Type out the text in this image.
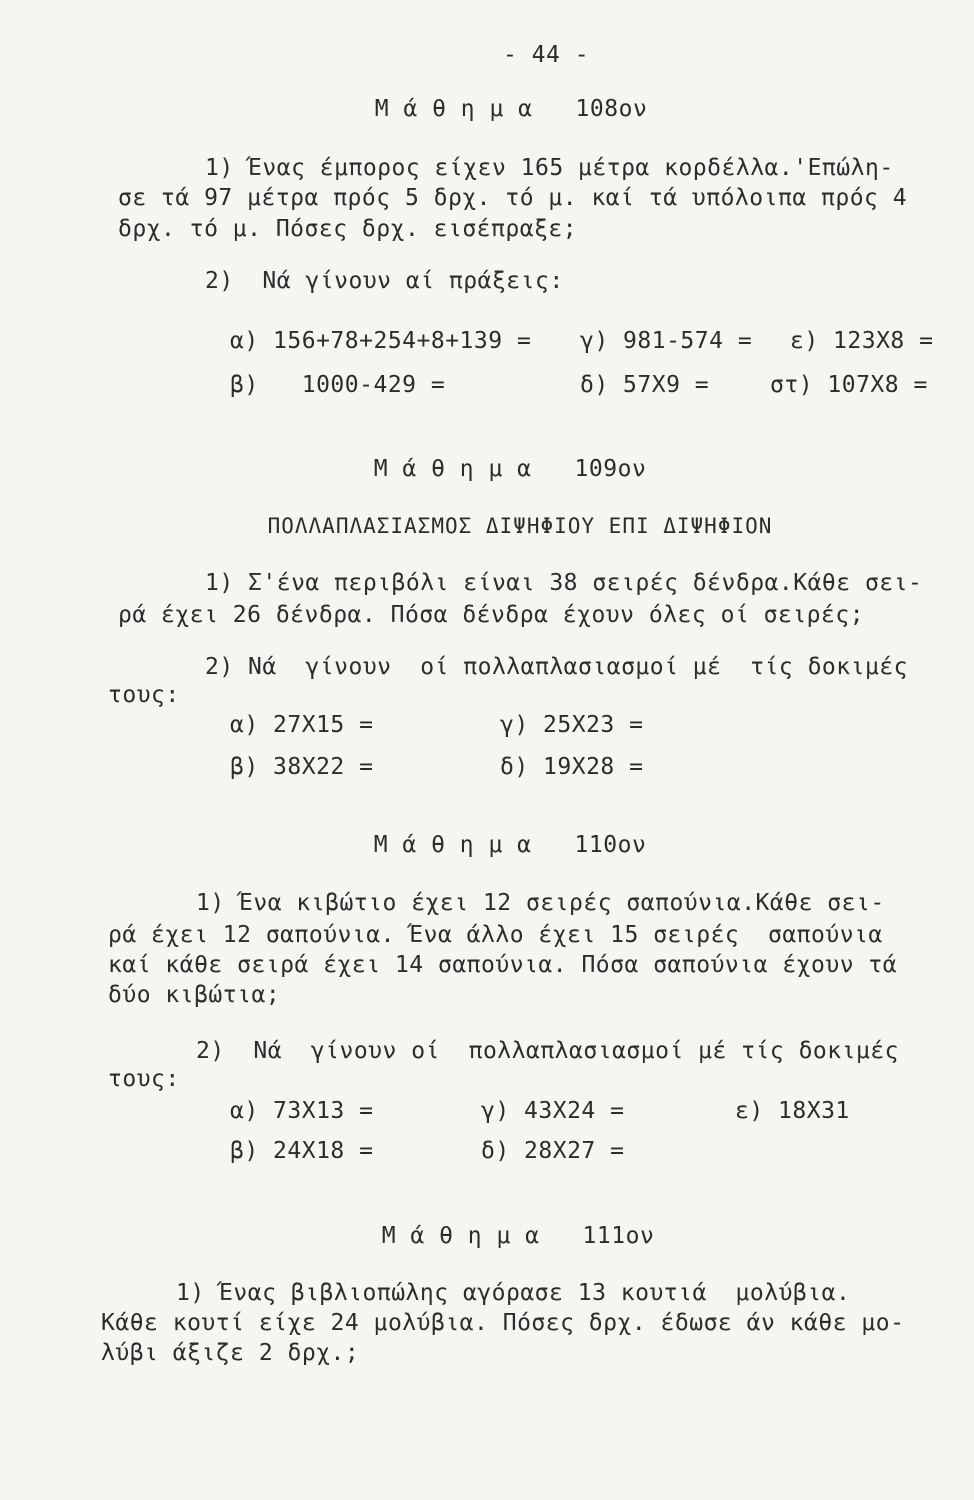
- 44 -
Μ ά θ η μ α   108ον
1) Ένας έμπορος είχεν 165 μέτρα κορδέλλα.'Επώλη-
σε τά 97 μέτρα πρός 5 δρχ. τό μ. καί τά υπόλοιπα πρός 4
δρχ. τό μ. Πόσες δρχ. εισέπραξε;
2)  Νά γίνουν αί πράξεις:
α) 156+78+254+8+139 = γ) 981-574 = ε) 123Χ8 =
β)   1000-429 =	δ) 57Χ9 =	στ) 107Χ8 =
Μ ά θ η μ α   109ον
ΠΟΛΛΑΠΛΑΣΙΑΣΜΟΣ ΔΙΨΗΦΙΟΥ ΕΠΙ ΔΙΨΗΦΙΟΝ
1) Σ'ένα περιβόλι είναι 38 σειρές δένδρα.Κάθε σει-
ρά έχει 26 δένδρα. Πόσα δένδρα έχουν όλες οί σειρές;
2) Νά  γίνουν  οί πολλαπλασιασμοί μέ  τίς δοκιμές
τους:
α) 27Χ15 =	γ) 25Χ23 =
β) 38Χ22 =	δ) 19Χ28 =
Μ ά θ η μ α   110ον
1) Ένα κιβώτιο έχει 12 σειρές σαπούνια.Κάθε σει-
ρά έχει 12 σαπούνια. Ένα άλλο έχει 15 σειρές  σαπούνια
καί κάθε σειρά έχει 14 σαπούνια. Πόσα σαπούνια έχουν τά
δύο κιβώτια;
2)  Νά  γίνουν οί  πολλαπλασιασμοί μέ τίς δοκιμές
τους:
α) 73Χ13 =	γ) 43Χ24 =	ε) 18Χ31
β) 24Χ18 =	δ) 28Χ27 =
Μ ά θ η μ α   111ον
1) Ένας βιβλιοπώλης αγόρασε 13 κουτιά  μολύβια.
Κάθε κουτί είχε 24 μολύβια. Πόσες δρχ. έδωσε άν κάθε μο-
λύβι άξιζε 2 δρχ.;
